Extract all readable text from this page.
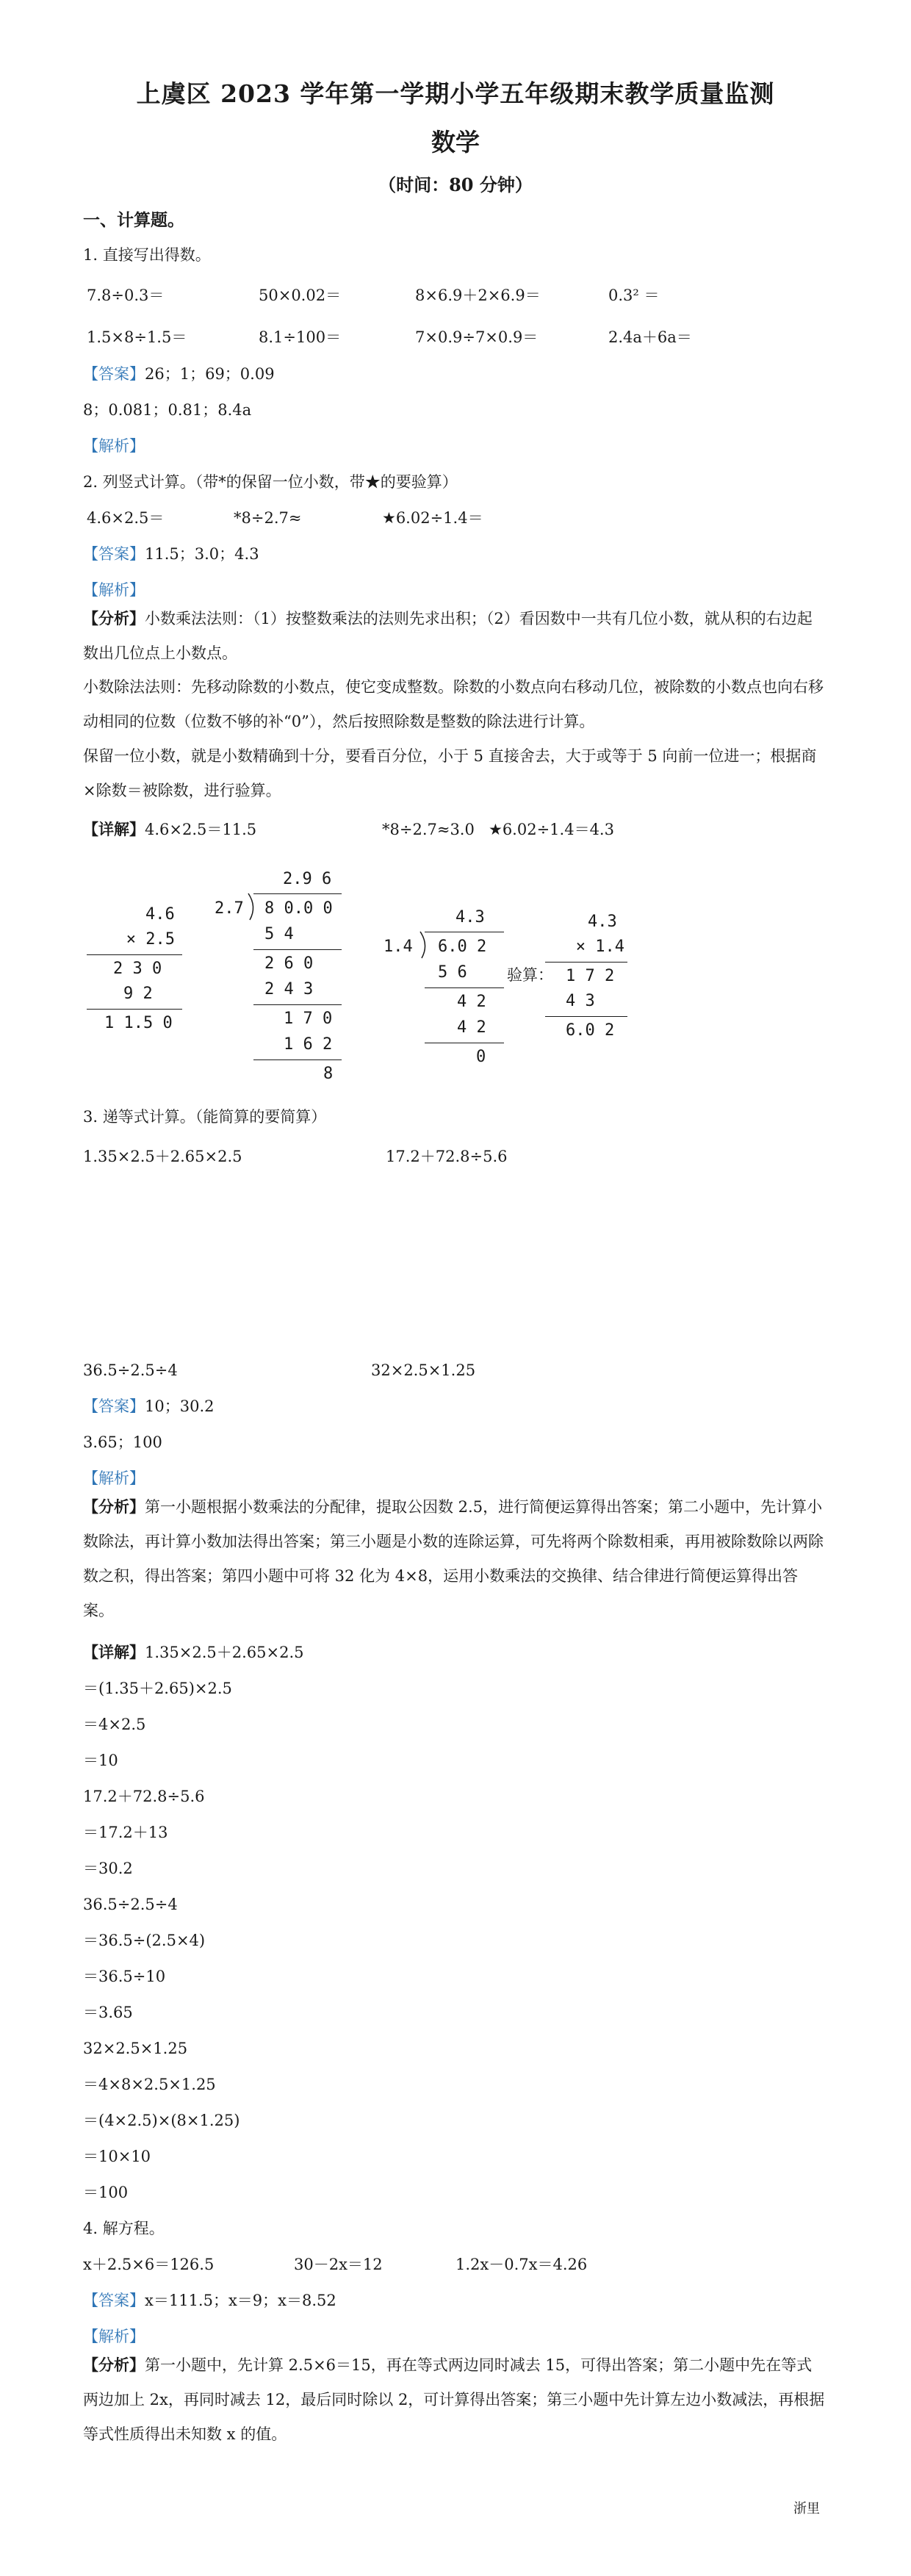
上虞区 2023 学年第一学期小学五年级期末教学质量监测
数学
（时间：80 分钟）
一、计算题。
1. 直接写出得数。
7.8÷0.3＝	50×0.02＝	8×6.9＋2×6.9＝	0.3² ＝
1.5×8÷1.5＝	8.1÷100＝	7×0.9÷7×0.9＝	2.4a＋6a＝
【答案】26；1；69；0.09
8；0.081；0.81；8.4a
【解析】
2. 列竖式计算。（带*的保留一位小数，带★的要验算）
4.6×2.5＝	*8÷2.7≈	★6.02÷1.4＝
【答案】11.5；3.0；4.3
【解析】
【分析】小数乘法法则：（1）按整数乘法的法则先求出积；（2）看因数中一共有几位小数，就从积的右边起数出几位点上小数点。
小数除法法则：先移动除数的小数点，使它变成整数。除数的小数点向右移动几位，被除数的小数点也向右移动相同的位数（位数不够的补“0”），然后按照除数是整数的除法进行计算。
保留一位小数，就是小数精确到十分，要看百分位，小于 5 直接舍去，大于或等于 5 向前一位进一；根据商×除数＝被除数，进行验算。
【详解】4.6×2.5＝11.5	*8÷2.7≈3.0 ★6.02÷1.4＝4.3
4.6
× 2.5
2 3 0
9 2
1 1.5 0
2.9 6
2.7 8 0.0 0
5 4
2 6 0
2 4 3
1 7 0
1 6 2
8
4.3
1.4 6.0 2
5 6
4 2
4 2
0
验算：
4.3
× 1.4
1 7 2
4 3
6.0 2
3. 递等式计算。（能简算的要简算）
1.35×2.5＋2.65×2.5	17.2＋72.8÷5.6
36.5÷2.5÷4	32×2.5×1.25
【答案】10；30.2
3.65；100
【解析】
【分析】第一小题根据小数乘法的分配律，提取公因数 2.5，进行简便运算得出答案；第二小题中，先计算小数除法，再计算小数加法得出答案；第三小题是小数的连除运算，可先将两个除数相乘，再用被除数除以两除数之积，得出答案；第四小题中可将 32 化为 4×8，运用小数乘法的交换律、结合律进行简便运算得出答案。
【详解】1.35×2.5＋2.65×2.5
＝(1.35＋2.65)×2.5
＝4×2.5
＝10
17.2＋72.8÷5.6
＝17.2＋13
＝30.2
36.5÷2.5÷4
＝36.5÷(2.5×4)
＝36.5÷10
＝3.65
32×2.5×1.25
＝4×8×2.5×1.25
＝(4×2.5)×(8×1.25)
＝10×10
＝100
4. 解方程。
x＋2.5×6＝126.5	30－2x＝12	1.2x－0.7x＝4.26
【答案】x＝111.5；x＝9；x＝8.52
【解析】
【分析】第一小题中，先计算 2.5×6＝15，再在等式两边同时减去 15，可得出答案；第二小题中先在等式两边加上 2x，再同时减去 12，最后同时除以 2，可计算得出答案；第三小题中先计算左边小数减法，再根据等式性质得出未知数 x 的值。
浙里
